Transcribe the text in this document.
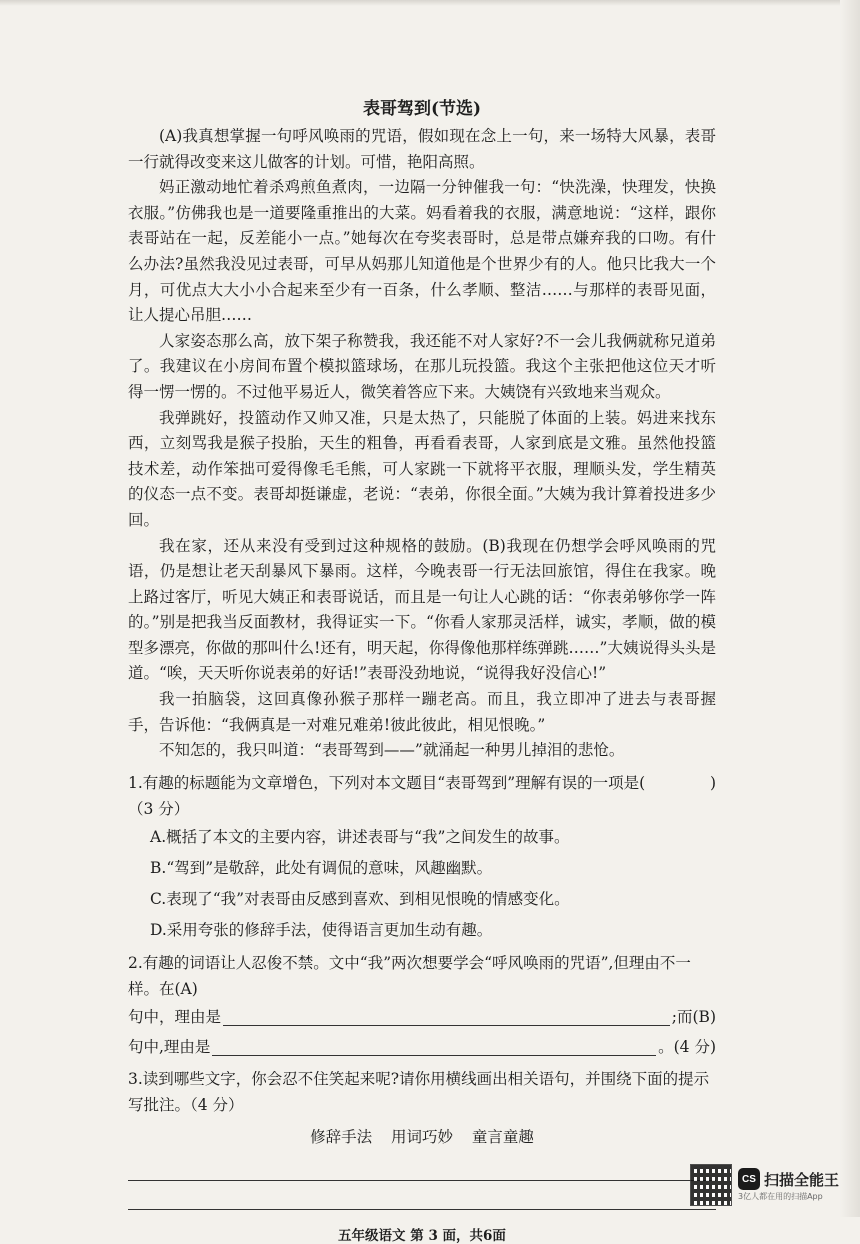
表哥驾到(节选)

(A)我真想掌握一句呼风唤雨的咒语，假如现在念上一句，来一场特大风暴，表哥一行就得改变来这儿做客的计划。可惜，艳阳高照。

妈正激动地忙着杀鸡煎鱼煮肉，一边隔一分钟催我一句：“快洗澡，快理发，快换衣服。”仿佛我也是一道要隆重推出的大菜。妈看着我的衣服，满意地说：“这样，跟你表哥站在一起，反差能小一点。”她每次在夸奖表哥时，总是带点嫌弃我的口吻。有什么办法?虽然我没见过表哥，可早从妈那儿知道他是个世界少有的人。他只比我大一个月，可优点大大小小合起来至少有一百条，什么孝顺、整洁……与那样的表哥见面，让人提心吊胆……

人家姿态那么高，放下架子称赞我，我还能不对人家好?不一会儿我俩就称兄道弟了。我建议在小房间布置个模拟篮球场，在那儿玩投篮。我这个主张把他这位天才听得一愣一愣的。不过他平易近人，微笑着答应下来。大姨饶有兴致地来当观众。

我弹跳好，投篮动作又帅又准，只是太热了，只能脱了体面的上装。妈进来找东西，立刻骂我是猴子投胎，天生的粗鲁，再看看表哥，人家到底是文雅。虽然他投篮技术差，动作笨拙可爱得像毛毛熊，可人家跳一下就将平衣服，理顺头发，学生精英的仪态一点不变。表哥却挺谦虚，老说：“表弟，你很全面。”大姨为我计算着投进多少回。

我在家，还从来没有受到过这种规格的鼓励。(B)我现在仍想学会呼风唤雨的咒语，仍是想让老天刮暴风下暴雨。这样，今晚表哥一行无法回旅馆，得住在我家。晚上路过客厅，听见大姨正和表哥说话，而且是一句让人心跳的话：“你表弟够你学一阵的。”别是把我当反面教材，我得证实一下。“你看人家那灵活样，诚实，孝顺，做的模型多漂亮，你做的那叫什么!还有，明天起，你得像他那样练弹跳……”大姨说得头头是道。“唉，天天听你说表弟的好话!”表哥没劲地说，“说得我好没信心!”

我一拍脑袋，这回真像孙猴子那样一蹦老高。而且，我立即冲了进去与表哥握手，告诉他：“我俩真是一对难兄难弟!彼此彼此，相见恨晚。”

不知怎的，我只叫道：“表哥驾到——”就涌起一种男儿掉泪的悲怆。

1.有趣的标题能为文章增色，下列对本文题目“表哥驾到”理解有误的一项是(	)
（3 分）
A.概括了本文的主要内容，讲述表哥与“我”之间发生的故事。
B.“驾到”是敬辞，此处有调侃的意味，风趣幽默。
C.表现了“我”对表哥由反感到喜欢、到相见恨晚的情感变化。
D.采用夸张的修辞手法，使得语言更加生动有趣。
2.有趣的词语让人忍俊不禁。文中“我”两次想要学会“呼风唤雨的咒语”,但理由不一样。在(A)
句中，理由是	;而(B)
句中,理由是	。(4 分)
3.读到哪些文字，你会忍不住笑起来呢?请你用横线画出相关语句，并围绕下面的提示写批注。（4 分）
修辞手法 用词巧妙 童言童趣
五年级语文 第 3 面，共6面
CS 扫描全能王
3亿人都在用的扫描App
